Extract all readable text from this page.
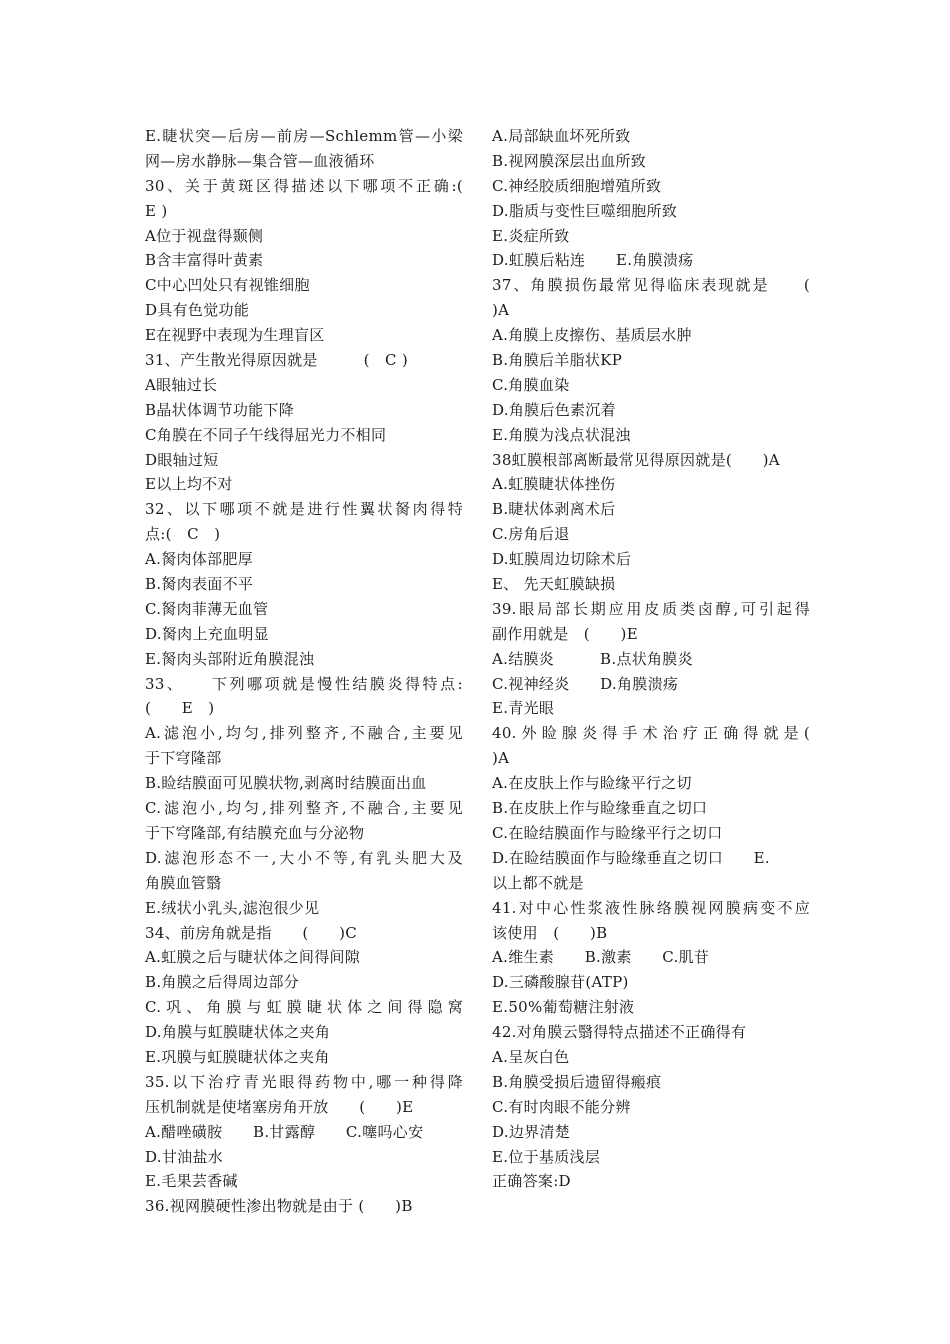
E.睫状突—后房—前房—Schlemm管—小梁
网—房水静脉—集合管—血液循环
30、关于黄斑区得描述以下哪项不正确:(
E )
A位于视盘得颞侧
B含丰富得叶黄素
C中心凹处只有视锥细胞
D具有色觉功能
E在视野中表现为生理盲区
31、产生散光得原因就是　　　(　C )
A眼轴过长
B晶状体调节功能下降
C角膜在不同子午线得屈光力不相同
D眼轴过短
E以上均不对
32、以下哪项不就是进行性翼状胬肉得特
点:(　C　)
A.胬肉体部肥厚
B.胬肉表面不平
C.胬肉菲薄无血管
D.胬肉上充血明显
E.胬肉头部附近角膜混浊
33、　　下列哪项就是慢性结膜炎得特点:
(　　E　)
A.滤泡小,均匀,排列整齐,不融合,主要见
于下穹隆部
B.睑结膜面可见膜状物,剥离时结膜面出血
C.滤泡小,均匀,排列整齐,不融合,主要见
于下穹隆部,有结膜充血与分泌物
D.滤泡形态不一,大小不等,有乳头肥大及
角膜血管翳
E.绒状小乳头,滤泡很少见
34、前房角就是指　　(　　)C
A.虹膜之后与睫状体之间得间隙
B.角膜之后得周边部分
C.巩、角膜与虹膜睫状体之间得隐窝
D.角膜与虹膜睫状体之夹角
E.巩膜与虹膜睫状体之夹角
35.以下治疗青光眼得药物中,哪一种得降
压机制就是使堵塞房角开放　　(　　)E
A.醋唑磺胺　　B.甘露醇　　C.噻吗心安
D.甘油盐水
E.毛果芸香碱
36.视网膜硬性渗出物就是由于 (　　)B
A.局部缺血坏死所致
B.视网膜深层出血所致
C.神经胶质细胞增殖所致
D.脂质与变性巨噬细胞所致
E.炎症所致
D.虹膜后粘连　　E.角膜溃疡
37、角膜损伤最常见得临床表现就是　　(
)A
A.角膜上皮擦伤、基质层水肿
B.角膜后羊脂状KP
C.角膜血染
D.角膜后色素沉着
E.角膜为浅点状混浊
38虹膜根部离断最常见得原因就是(　　)A
A.虹膜睫状体挫伤
B.睫状体剥离术后
C.房角后退
D.虹膜周边切除术后
E、 先天虹膜缺损
39.眼局部长期应用皮质类卤醇,可引起得
副作用就是　(　　)E
A.结膜炎　　　B.点状角膜炎
C.视神经炎　　D.角膜溃疡
E.青光眼
40.外睑腺炎得手术治疗正确得就是(
)A
A.在皮肤上作与睑缘平行之切
B.在皮肤上作与睑缘垂直之切口
C.在睑结膜面作与睑缘平行之切口
D.在睑结膜面作与睑缘垂直之切口　　E.
以上都不就是
41.对中心性浆液性脉络膜视网膜病变不应
该使用　(　　)B
A.维生素　　B.激素　　C.肌苷
D.三磷酸腺苷(ATP)
E.50%葡萄糖注射液
42.对角膜云翳得特点描述不正确得有
A.呈灰白色
B.角膜受损后遗留得瘢痕
C.有时肉眼不能分辨
D.边界清楚
E.位于基质浅层
正确答案:D
